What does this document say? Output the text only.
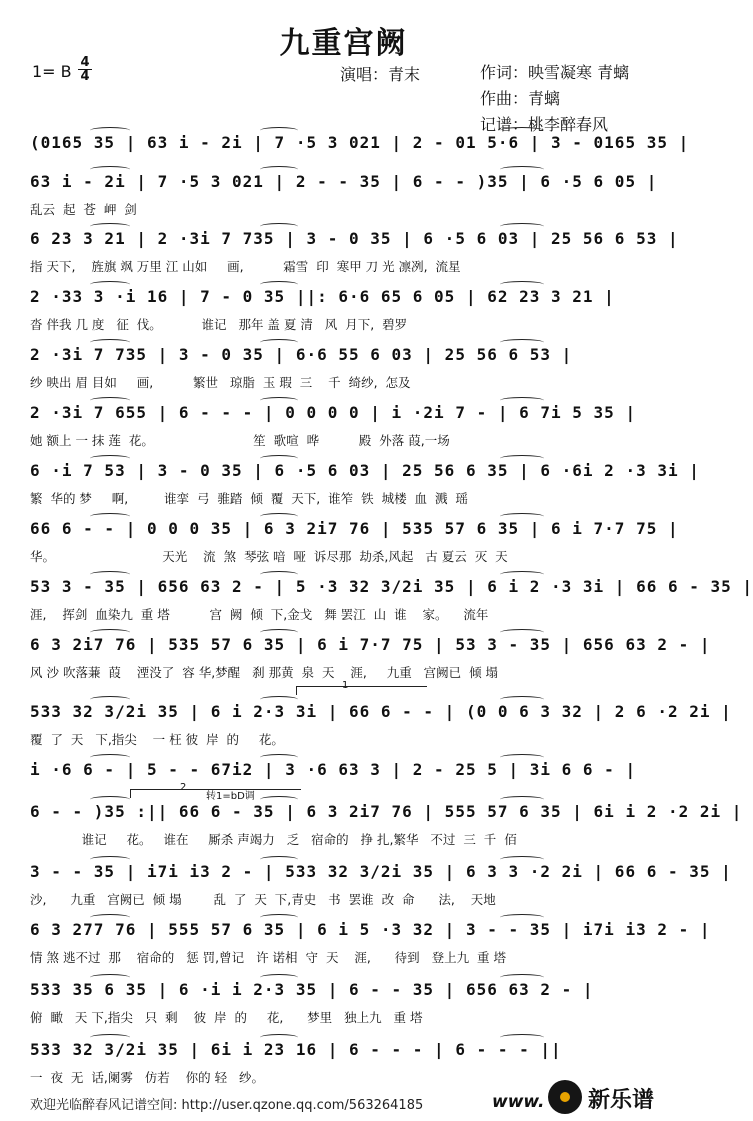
九重宫阙
1= B 4
4	演唱：青末	作词：映雪凝寒 青螭
作曲：青螭
记谱：桃李醉春风
(0165 35 | 63 i - 2i | 7 ·5 3 021 | 2 - 01 5·6 | 3 - 0165 35 |
63 i - 2i | 7 ·5 3 021 | 2 - - 35 | 6 - - )35 | 6 ·5 6 05 |
乱云  起  苍  岬  剑
6 23 3 21 | 2 ·3i 7 735 | 3 - 0 35 | 6 ·5 6 03 | 25 56 6 53 |
指 天下,    旌旗 飒 万里 江 山如     画,          霜雪  印  寒甲 刀 光 凛冽,  流星
2 ·33 3 ·i 16 | 7 - 0 35 ||: 6·6 65 6 05 | 62 23 3 21 |
沓 伴我 几 度   征  伐。          谁记   那年 盖 夏 清   风  月下,  碧罗
2 ·3i 7 735 | 3 - 0 35 | 6·6 55 6 03 | 25 56 6 53 |
纱 映出 眉 目如     画,          繁世   琼脂  玉 瑕  三    千  绮纱,  怎及
2 ·3i 7 655 | 6 - - - | 0 0 0 0 | i ·2i 7 - | 6 7i 5 35 |
她 额上 一 抹 莲  花。                         笙  歌喧  哗          殿  外落 葭,一场
6 ·i 7 53 | 3 - 0 35 | 6 ·5 6 03 | 25 56 6 35 | 6 ·6i 2 ·3 3i |
繁  华的 梦     啊,         谁挛  弓  骓踏  倾  覆  天下,  谁笮  铁  城楼  血  溅  瑶
66 6 - - | 0 0 0 35 | 6 3 2i7 76 | 535 57 6 35 | 6 i 7·7 75 |
华。                           天光    流  煞  琴弦 喑  哑  诉尽那  劫杀,风起   古 夏云  灭  天
53 3 - 35 | 656 63 2 - | 5 ·3 32 3/2i 35 | 6 i 2 ·3 3i | 66 6 - 35 |
涯,    挥剑  血染九  重 塔          宫  阙  倾  下,金戈   舞 罢江  山  谁    家。    流年
6 3 2i7 76 | 535 57 6 35 | 6 i 7·7 75 | 53 3 - 35 | 656 63 2 - |
风 沙 吹落蒹  葭    湮没了  容 华,梦醒   刹 那黄  泉  天    涯,     九重   宫阙已  倾 塌
533 32 3/2i 35 | 6 i 2·3 3i | 66 6 - - | (0 0 6 3 32 | 2 6 ·2 2i |
覆  了  天   下,指尖    一 枉 彼  岸  的     花。
i ·6 6 - | 5 - - 67i2 | 3 ·6 63 3 | 2 - 25 5 | 3i 6 6 - |
6 - - )35 :|| 66 6 - 35 | 6 3 2i7 76 | 555 57 6 35 | 6i i 2 ·2 2i |
谁记     花。   谁在     厮杀 声竭力   乏   宿命的   挣 扎,繁华   不过  三  千  佰
3 - - 35 | i7i i3 2 - | 533 32 3/2i 35 | 6 3 3 ·2 2i | 66 6 - 35 |
沙,      九重   宫阙已  倾 塌        乱  了  天  下,青史   书  罢谁  改  命      法,    天地
6 3 277 76 | 555 57 6 35 | 6 i 5 ·3 32 | 3 - - 35 | i7i i3 2 - |
情 煞 逃不过  那    宿命的   惩 罚,曾记   许 诺相  守  天    涯,      待到   登上九  重 塔
533 35 6 35 | 6 ·i i 2·3 35 | 6 - - 35 | 656 63 2 - |
俯  瞰   天 下,指尖   只  剩    彼  岸  的     花,      梦里   独上九   重 塔
533 32 3/2i 35 | 6i i 23 16 | 6 - - - | 6 - - - ||
一  夜  无  话,阑雾   仿若    你的 轻   纱。
1
2
转1=bD调
欢迎光临醉春风记谱空间: http://user.qzone.qq.com/563264185	www. 新乐谱
